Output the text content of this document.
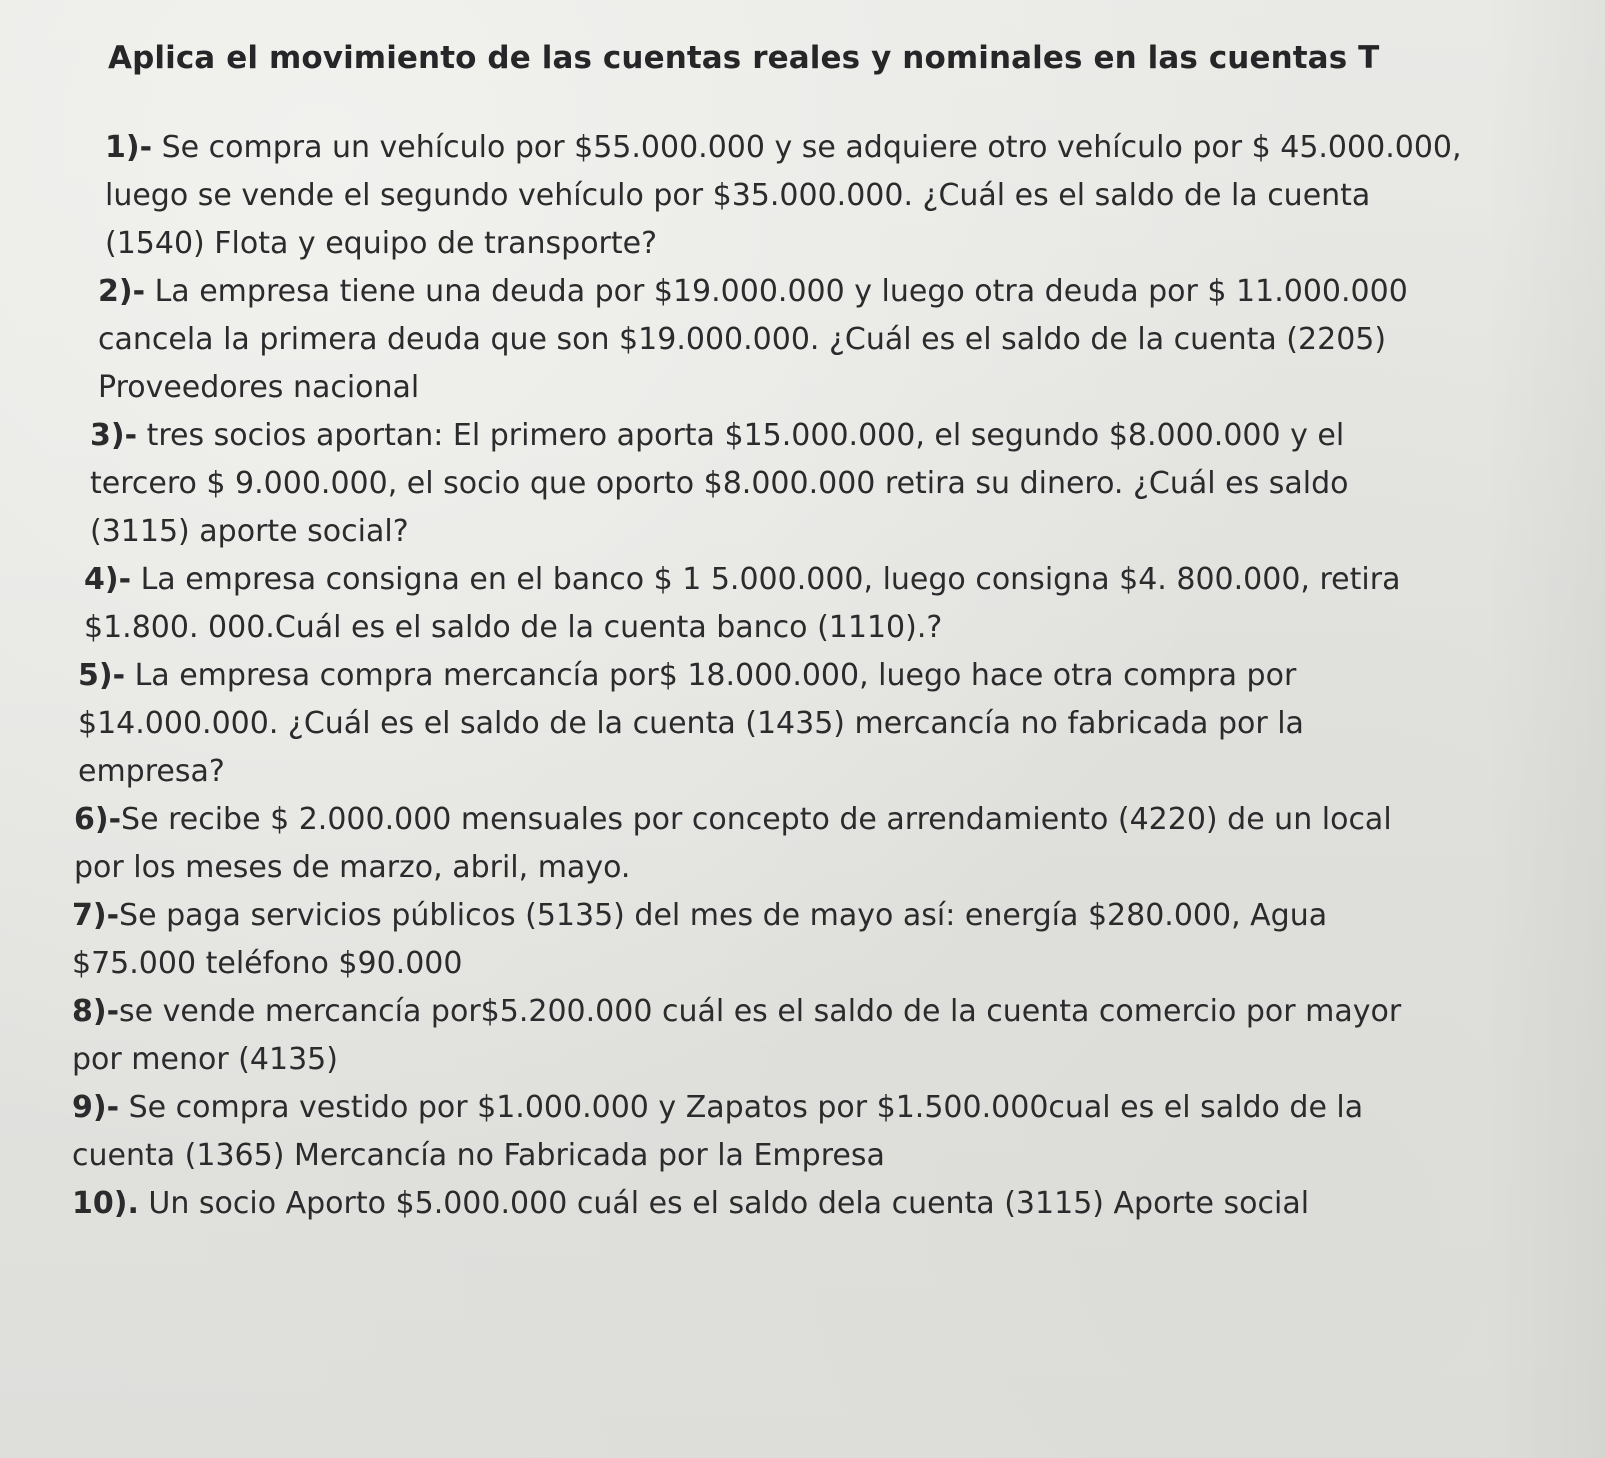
Aplica el movimiento de las cuentas reales y nominales en las cuentas T
1)- Se compra un vehículo por $55.000.000 y se adquiere otro vehículo por $ 45.000.000,
luego se vende el segundo vehículo por $35.000.000. ¿Cuál es el saldo de la cuenta
(1540) Flota y equipo de transporte?
2)- La empresa tiene una deuda por $19.000.000 y luego otra deuda por $ 11.000.000
cancela la primera deuda que son $19.000.000. ¿Cuál es el saldo de la cuenta (2205)
Proveedores nacional
3)- tres socios aportan: El primero aporta $15.000.000, el segundo $8.000.000 y el
tercero $ 9.000.000, el socio que oporto $8.000.000 retira su dinero. ¿Cuál es saldo
(3115) aporte social?
4)- La empresa consigna en el banco $ 1 5.000.000, luego consigna $4. 800.000, retira
$1.800. 000.Cuál es el saldo de la cuenta banco (1110).?
5)- La empresa compra mercancía por$ 18.000.000, luego hace otra compra por
$14.000.000. ¿Cuál es el saldo de la cuenta (1435) mercancía no fabricada por la
empresa?
6)-Se recibe $ 2.000.000 mensuales por concepto de arrendamiento (4220) de un local
por los meses de marzo, abril, mayo.
7)-Se paga servicios públicos (5135) del mes de mayo así: energía $280.000, Agua
$75.000 teléfono $90.000
8)-se vende mercancía por$5.200.000 cuál es el saldo de la cuenta comercio por mayor
por menor (4135)
9)- Se compra vestido por $1.000.000 y Zapatos por $1.500.000cual es el saldo de la
cuenta (1365) Mercancía no Fabricada por la Empresa
10). Un socio Aporto $5.000.000 cuál es el saldo dela cuenta (3115) Aporte social
